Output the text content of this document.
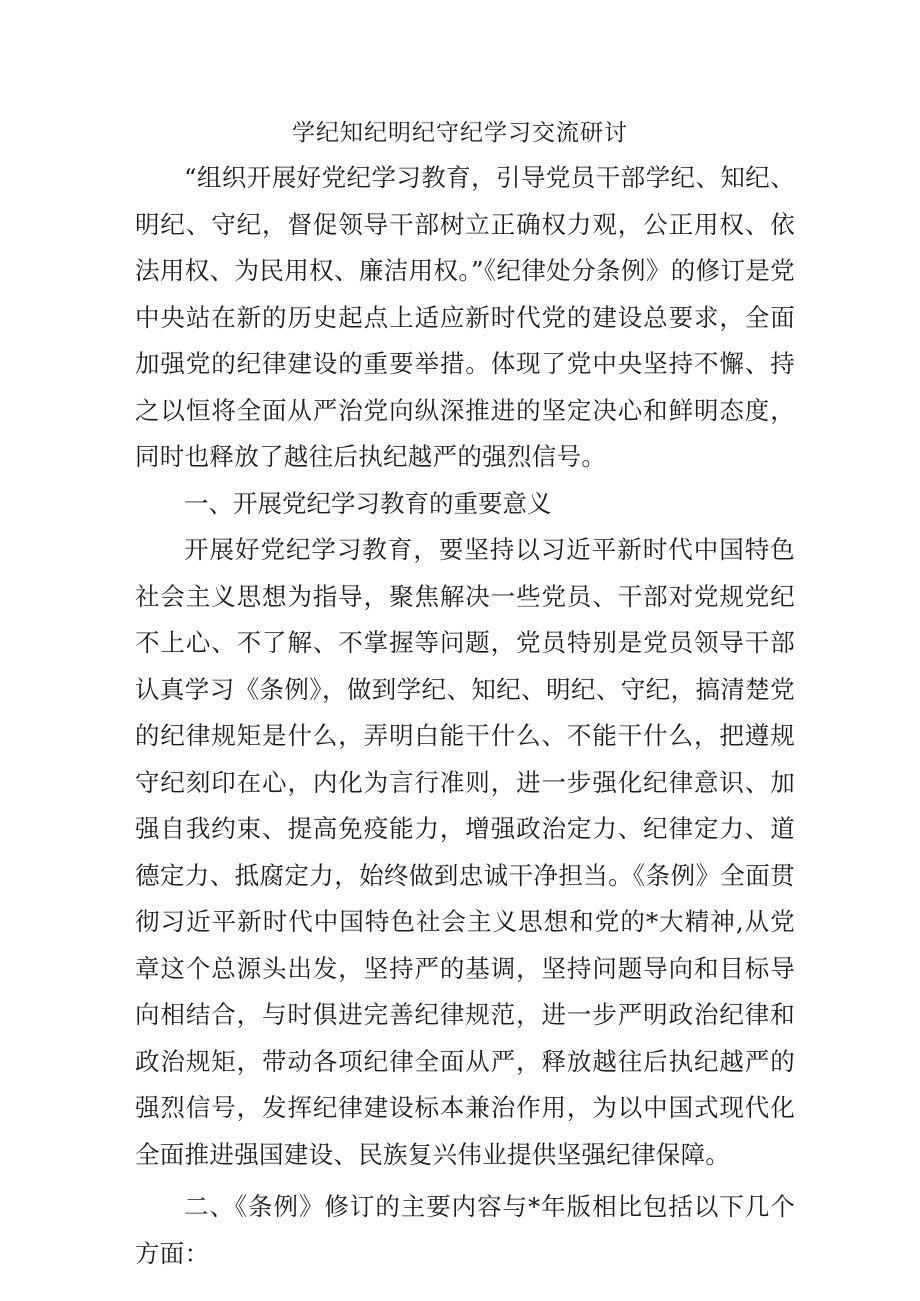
学纪知纪明纪守纪学习交流研讨

“组织开展好党纪学习教育，引导党员干部学纪、知纪、明纪、守纪，督促领导干部树立正确权力观，公正用权、依法用权、为民用权、廉洁用权。”《纪律处分条例》的修订是党中央站在新的历史起点上适应新时代党的建设总要求，全面加强党的纪律建设的重要举措。体现了党中央坚持不懈、持之以恒将全面从严治党向纵深推进的坚定决心和鲜明态度，同时也释放了越往后执纪越严的强烈信号。

一、开展党纪学习教育的重要意义

开展好党纪学习教育，要坚持以习近平新时代中国特色社会主义思想为指导，聚焦解决一些党员、干部对党规党纪不上心、不了解、不掌握等问题，党员特别是党员领导干部认真学习《条例》，做到学纪、知纪、明纪、守纪，搞清楚党的纪律规矩是什么，弄明白能干什么、不能干什么，把遵规守纪刻印在心，内化为言行准则，进一步强化纪律意识、加强自我约束、提高免疫能力，增强政治定力、纪律定力、道德定力、抵腐定力，始终做到忠诚干净担当。《条例》全面贯彻习近平新时代中国特色社会主义思想和党的*大精神,从党章这个总源头出发，坚持严的基调，坚持问题导向和目标导向相结合，与时俱进完善纪律规范，进一步严明政治纪律和政治规矩，带动各项纪律全面从严，释放越往后执纪越严的强烈信号，发挥纪律建设标本兼治作用，为以中国式现代化全面推进强国建设、民族复兴伟业提供坚强纪律保障。

二、《条例》修订的主要内容与*年版相比包括以下几个方面：
